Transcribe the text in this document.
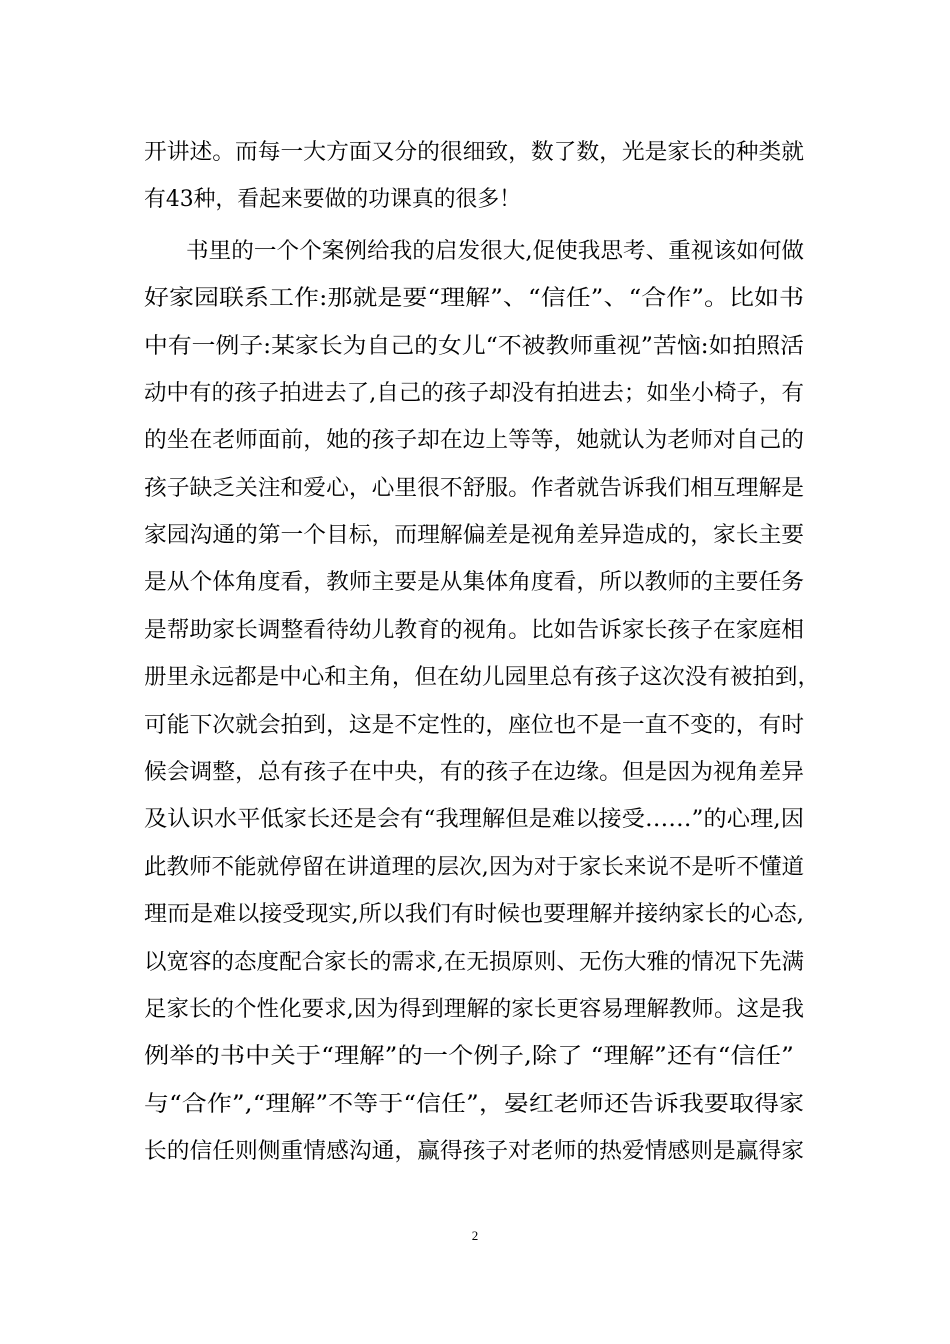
开讲述。而每一大方面又分的很细致，数了数，光是家长的种类就
有43种，看起来要做的功课真的很多！
书里的一个个案例给我的启发很大,促使我思考、重视该如何做
好家园联系工作:那就是要“理解”、“信任”、“合作”。比如书
中有一例子:某家长为自己的女儿“不被教师重视”苦恼:如拍照活
动中有的孩子拍进去了,自己的孩子却没有拍进去；如坐小椅子，有
的坐在老师面前，她的孩子却在边上等等，她就认为老师对自己的
孩子缺乏关注和爱心，心里很不舒服。作者就告诉我们相互理解是
家园沟通的第一个目标，而理解偏差是视角差异造成的，家长主要
是从个体角度看，教师主要是从集体角度看，所以教师的主要任务
是帮助家长调整看待幼儿教育的视角。比如告诉家长孩子在家庭相
册里永远都是中心和主角，但在幼儿园里总有孩子这次没有被拍到，
可能下次就会拍到，这是不定性的，座位也不是一直不变的，有时
候会调整，总有孩子在中央，有的孩子在边缘。但是因为视角差异
及认识水平低家长还是会有“我理解但是难以接受……”的心理,因
此教师不能就停留在讲道理的层次,因为对于家长来说不是听不懂道
理而是难以接受现实,所以我们有时候也要理解并接纳家长的心态,
以宽容的态度配合家长的需求,在无损原则、无伤大雅的情况下先满
足家长的个性化要求,因为得到理解的家长更容易理解教师。这是我
例举的书中关于“理解”的一个例子,除了 “理解”还有“信任”
与“合作”,“理解”不等于“信任”，晏红老师还告诉我要取得家
长的信任则侧重情感沟通，赢得孩子对老师的热爱情感则是赢得家
2
